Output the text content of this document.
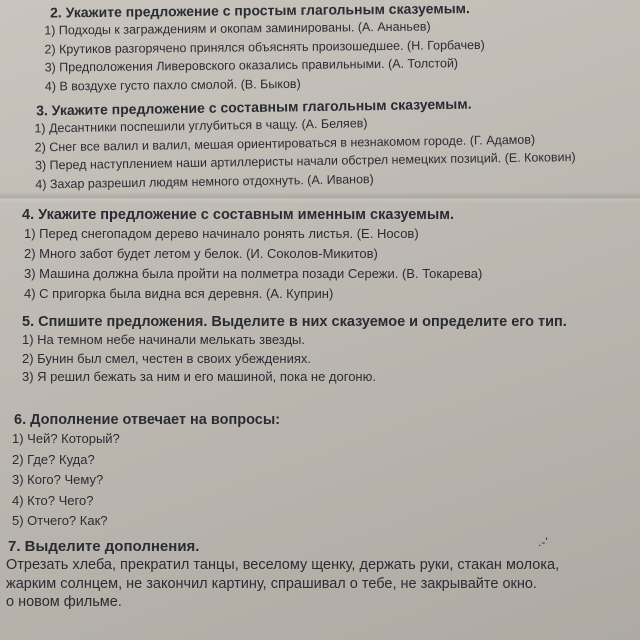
2. Укажите предложение с простым глагольным сказуемым.
1) Подходы к заграждениям и окопам заминированы. (А. Ананьев)
2) Крутиков разгорячено принялся объяснять произошедшее. (Н. Горбачев)
3) Предположения Ливеровского оказались правильными. (А. Толстой)
4) В воздухе густо пахло смолой. (В. Быков)
3. Укажите предложение с составным глагольным сказуемым.
1) Десантники поспешили углубиться в чащу. (А. Беляев)
2) Снег все валил и валил, мешая ориентироваться в незнакомом городе. (Г. Адамов)
3) Перед наступлением наши артиллеристы начали обстрел немецких позиций. (Е. Коковин)
4) Захар разрешил людям немного отдохнуть. (А. Иванов)
4. Укажите предложение с составным именным сказуемым.
1) Перед снегопадом дерево начинало ронять листья. (Е. Носов)
2) Много забот будет летом у белок. (И. Соколов-Микитов)
3) Машина должна была пройти на полметра позади Сережи. (В. Токарева)
4) С пригорка была видна вся деревня. (А. Куприн)
5. Спишите предложения. Выделите в них сказуемое и определите его тип.
1) На темном небе начинали мелькать звезды.
2) Бунин был смел, честен в своих убеждениях.
3) Я решил бежать за ним и его машиной, пока не догоню.
6. Дополнение отвечает на вопросы:
1) Чей? Который?
2) Где? Куда?
3) Кого? Чему?
4) Кто? Чего?
5) Отчего? Как?
7. Выделите дополнения.
Отрезать хлеба, прекратил танцы, веселому щенку, держать руки, стакан молока,
жарким солнцем, не закончил картину, спрашивал о тебе, не закрывайте окно.
о новом фильме.
.-'
